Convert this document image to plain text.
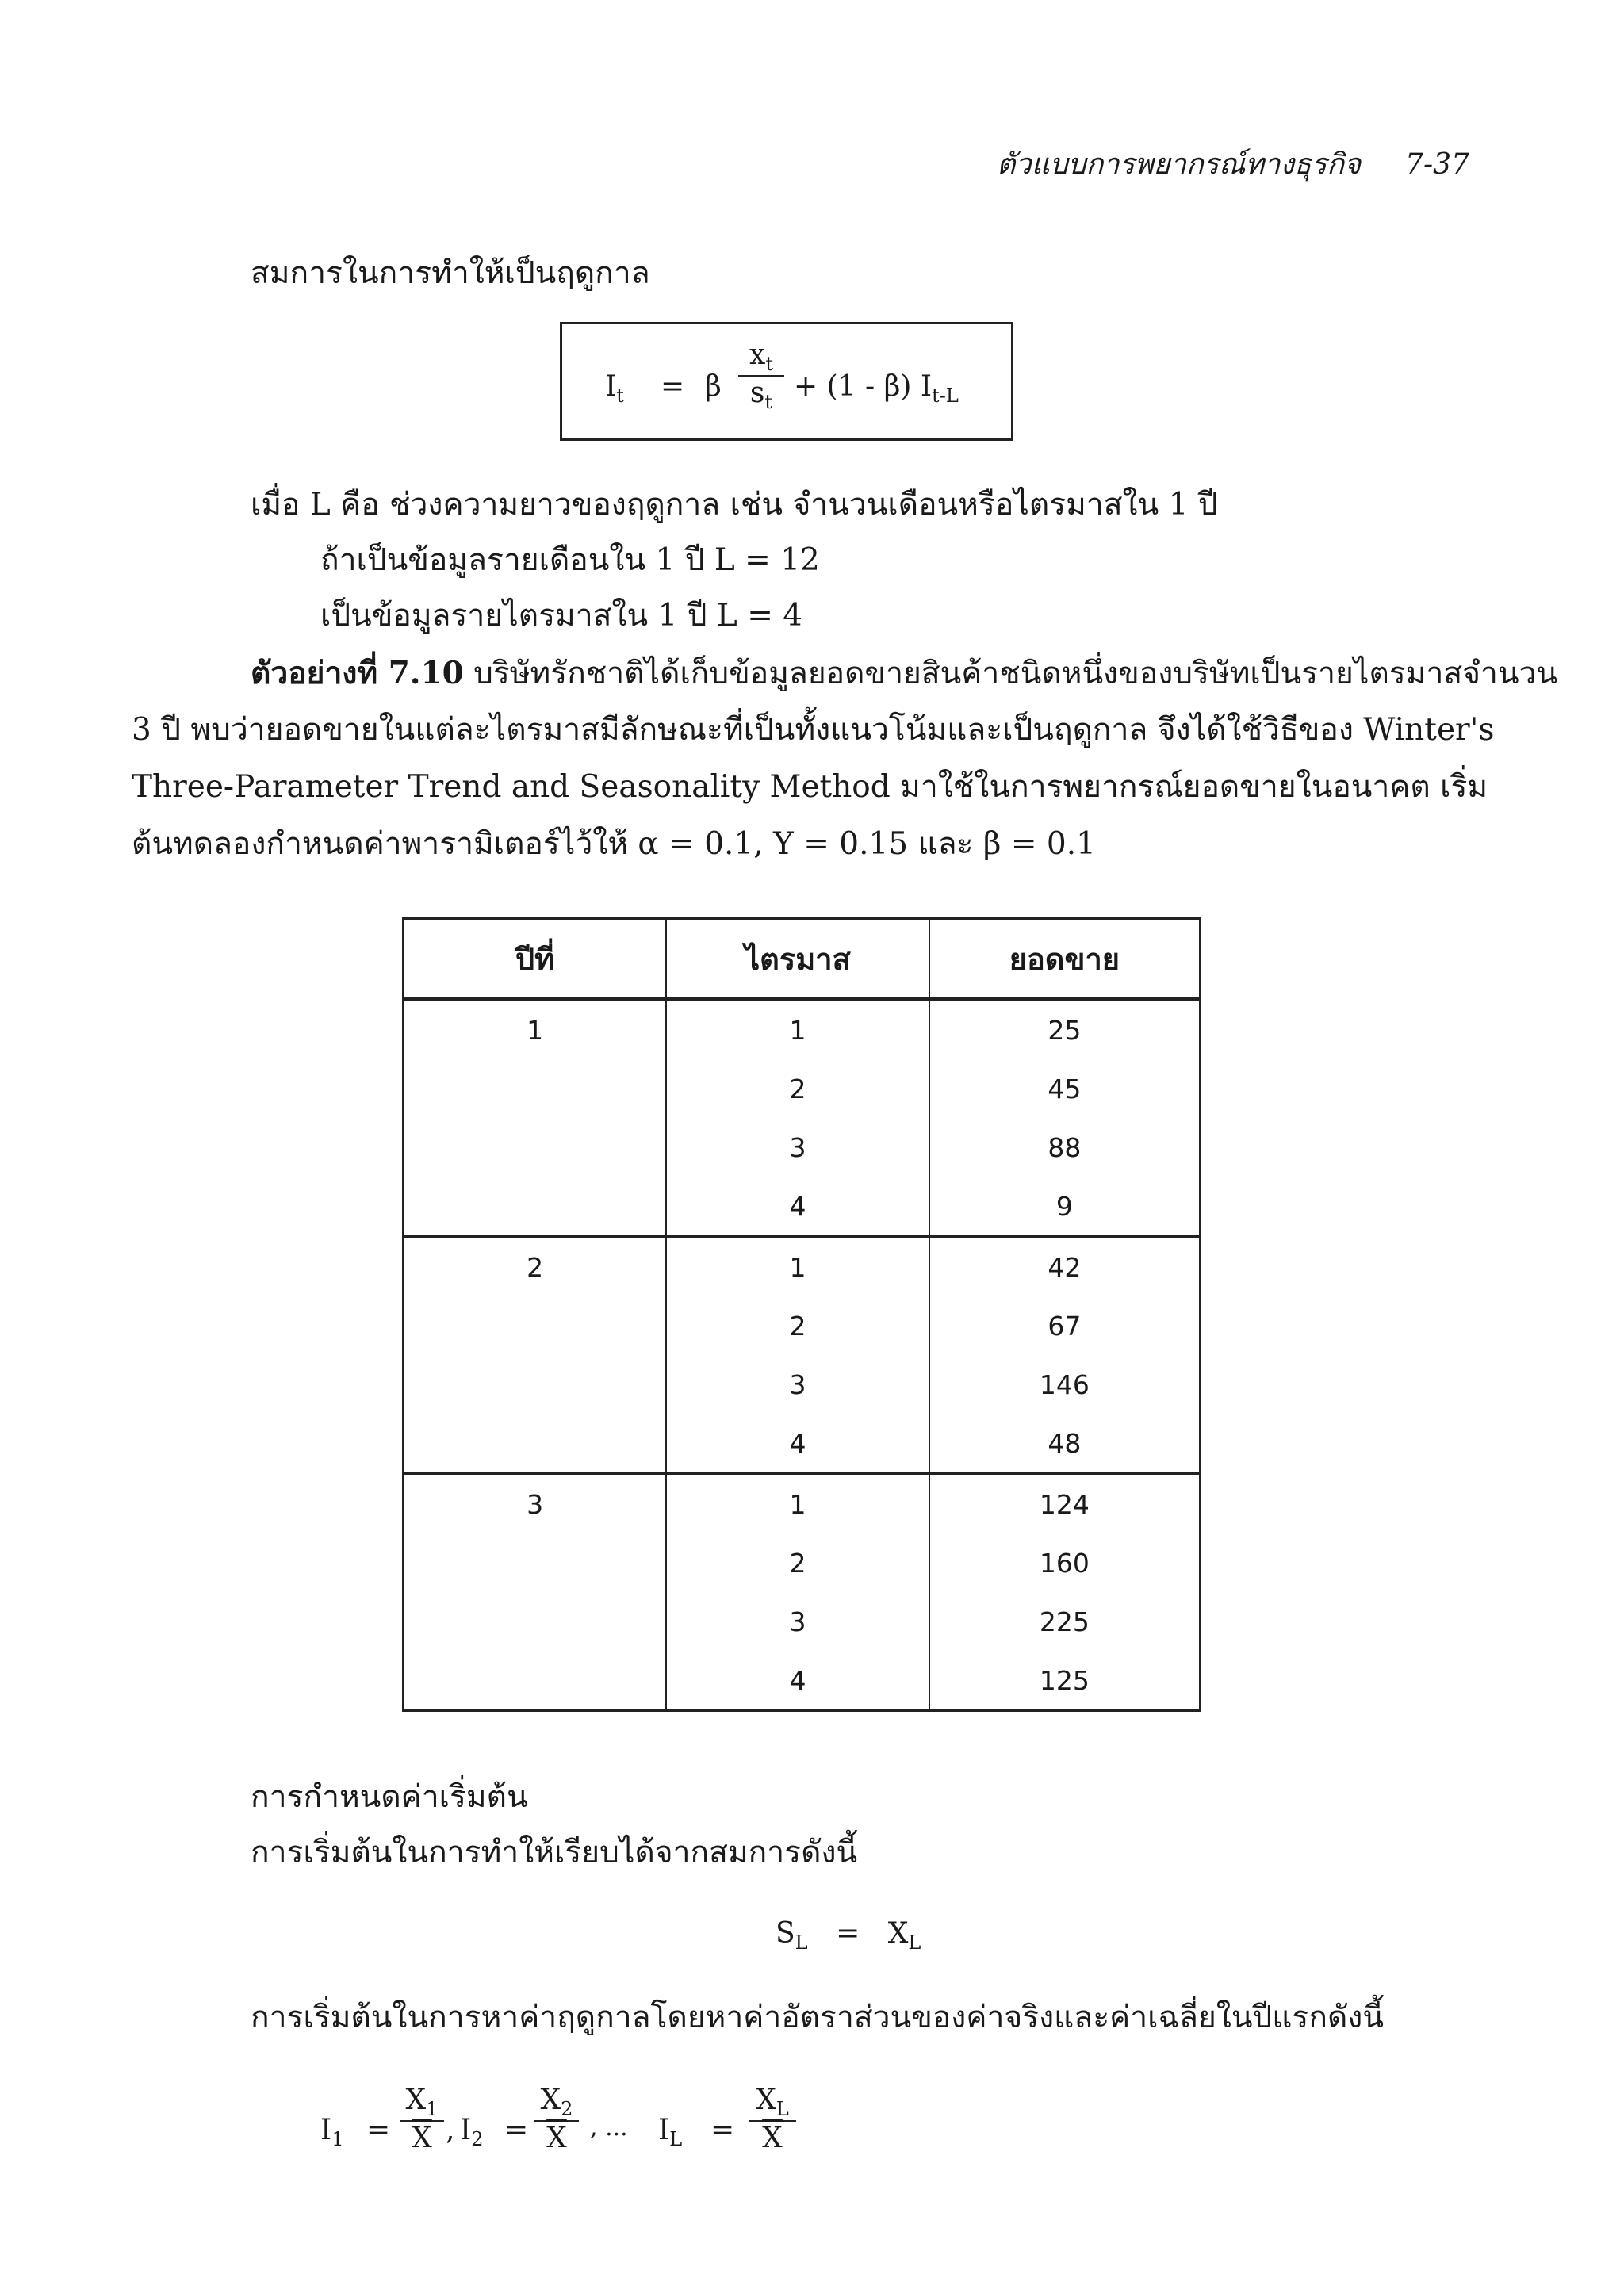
ตัวแบบการพยากรณ์ทางธุรกิจ 7-37
สมการในการทำให้เป็นฤดูกาล
$I_t = \beta \frac{x_t}{s_t} + (1 - \beta)$ $I_{t-L}$
เมื่อ L คือ ช่วงความยาวของฤดูกาล เช่น จำนวนเดือนหรือไตรมาสใน 1 ปี
ถ้าเป็นข้อมูลรายเดือนใน 1 ปี L = 12
เป็นข้อมูลรายไตรมาสใน 1 ปี L = 4
ตัวอย่างที่ 7.10 บริษัทรักชาติได้เก็บข้อมูลยอดขายสินค้าชนิดหนึ่งของบริษัทเป็นรายไตรมาสจำนวน
3 ปี พบว่ายอดขายในแต่ละไตรมาสมีลักษณะที่เป็นทั้งแนวโน้มและเป็นฤดูกาล จึงได้ใช้วิธีของ Winter's
Three-Parameter Trend and Seasonality Method มาใช้ในการพยากรณ์ยอดขายในอนาคต เริ่ม
ต้นทดลองกำหนดค่าพารามิเตอร์ไว้ให้ α = 0.1, Υ = 0.15 และ β = 0.1
ปีที่	ไตรมาส	ยอดขาย
1	1	25
	2	45
	3	88
	4	9
2	1	42
	2	67
	3	146
	4	48
3	1	124
	2	160
	3	225
	4	125
การกำหนดค่าเริ่มต้น
การเริ่มต้นในการทำให้เรียบได้จากสมการดังนี้
$S_L = X_L$
การเริ่มต้นในการหาค่าฤดูกาลโดยหาค่าอัตราส่วนของค่าจริงและค่าเฉลี่ยในปีแรกดังนี้
$I_1 = \frac{X_1}{X}$ , $I_2 = \frac{X_2}{X}$ , ... $I_L = \frac{X_L}{X}$
